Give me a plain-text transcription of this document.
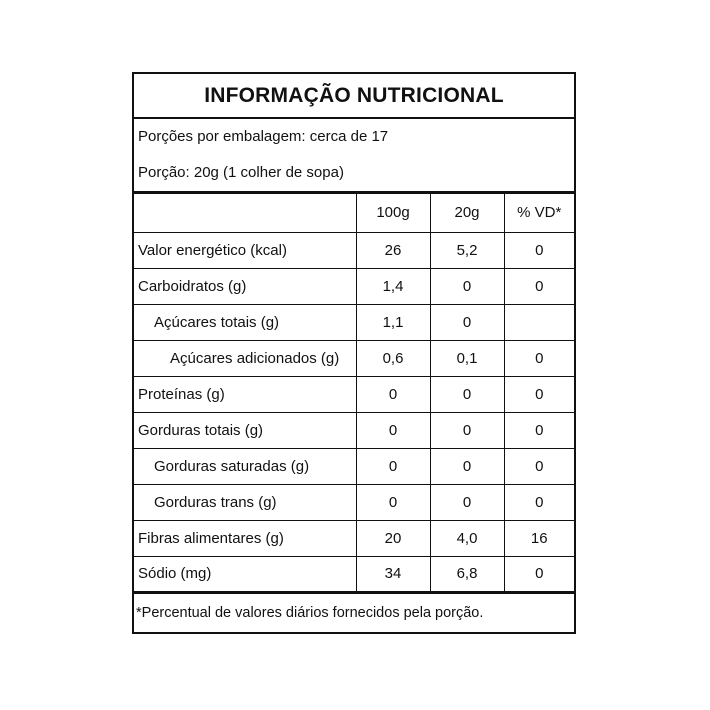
INFORMAÇÃO NUTRICIONAL
Porções por embalagem: cerca de 17
Porção: 20g (1 colher de sopa)
	100g	20g	% VD*
Valor energético (kcal)	26	5,2	0
Carboidratos (g)	1,4	0	0
Açúcares totais (g)	1,1	0	
Açúcares adicionados (g)	0,6	0,1	0
Proteínas (g)	0	0	0
Gorduras totais (g)	0	0	0
Gorduras saturadas (g)	0	0	0
Gorduras trans (g)	0	0	0
Fibras alimentares (g)	20	4,0	16
Sódio (mg)	34	6,8	0
*Percentual de valores diários fornecidos pela porção.
